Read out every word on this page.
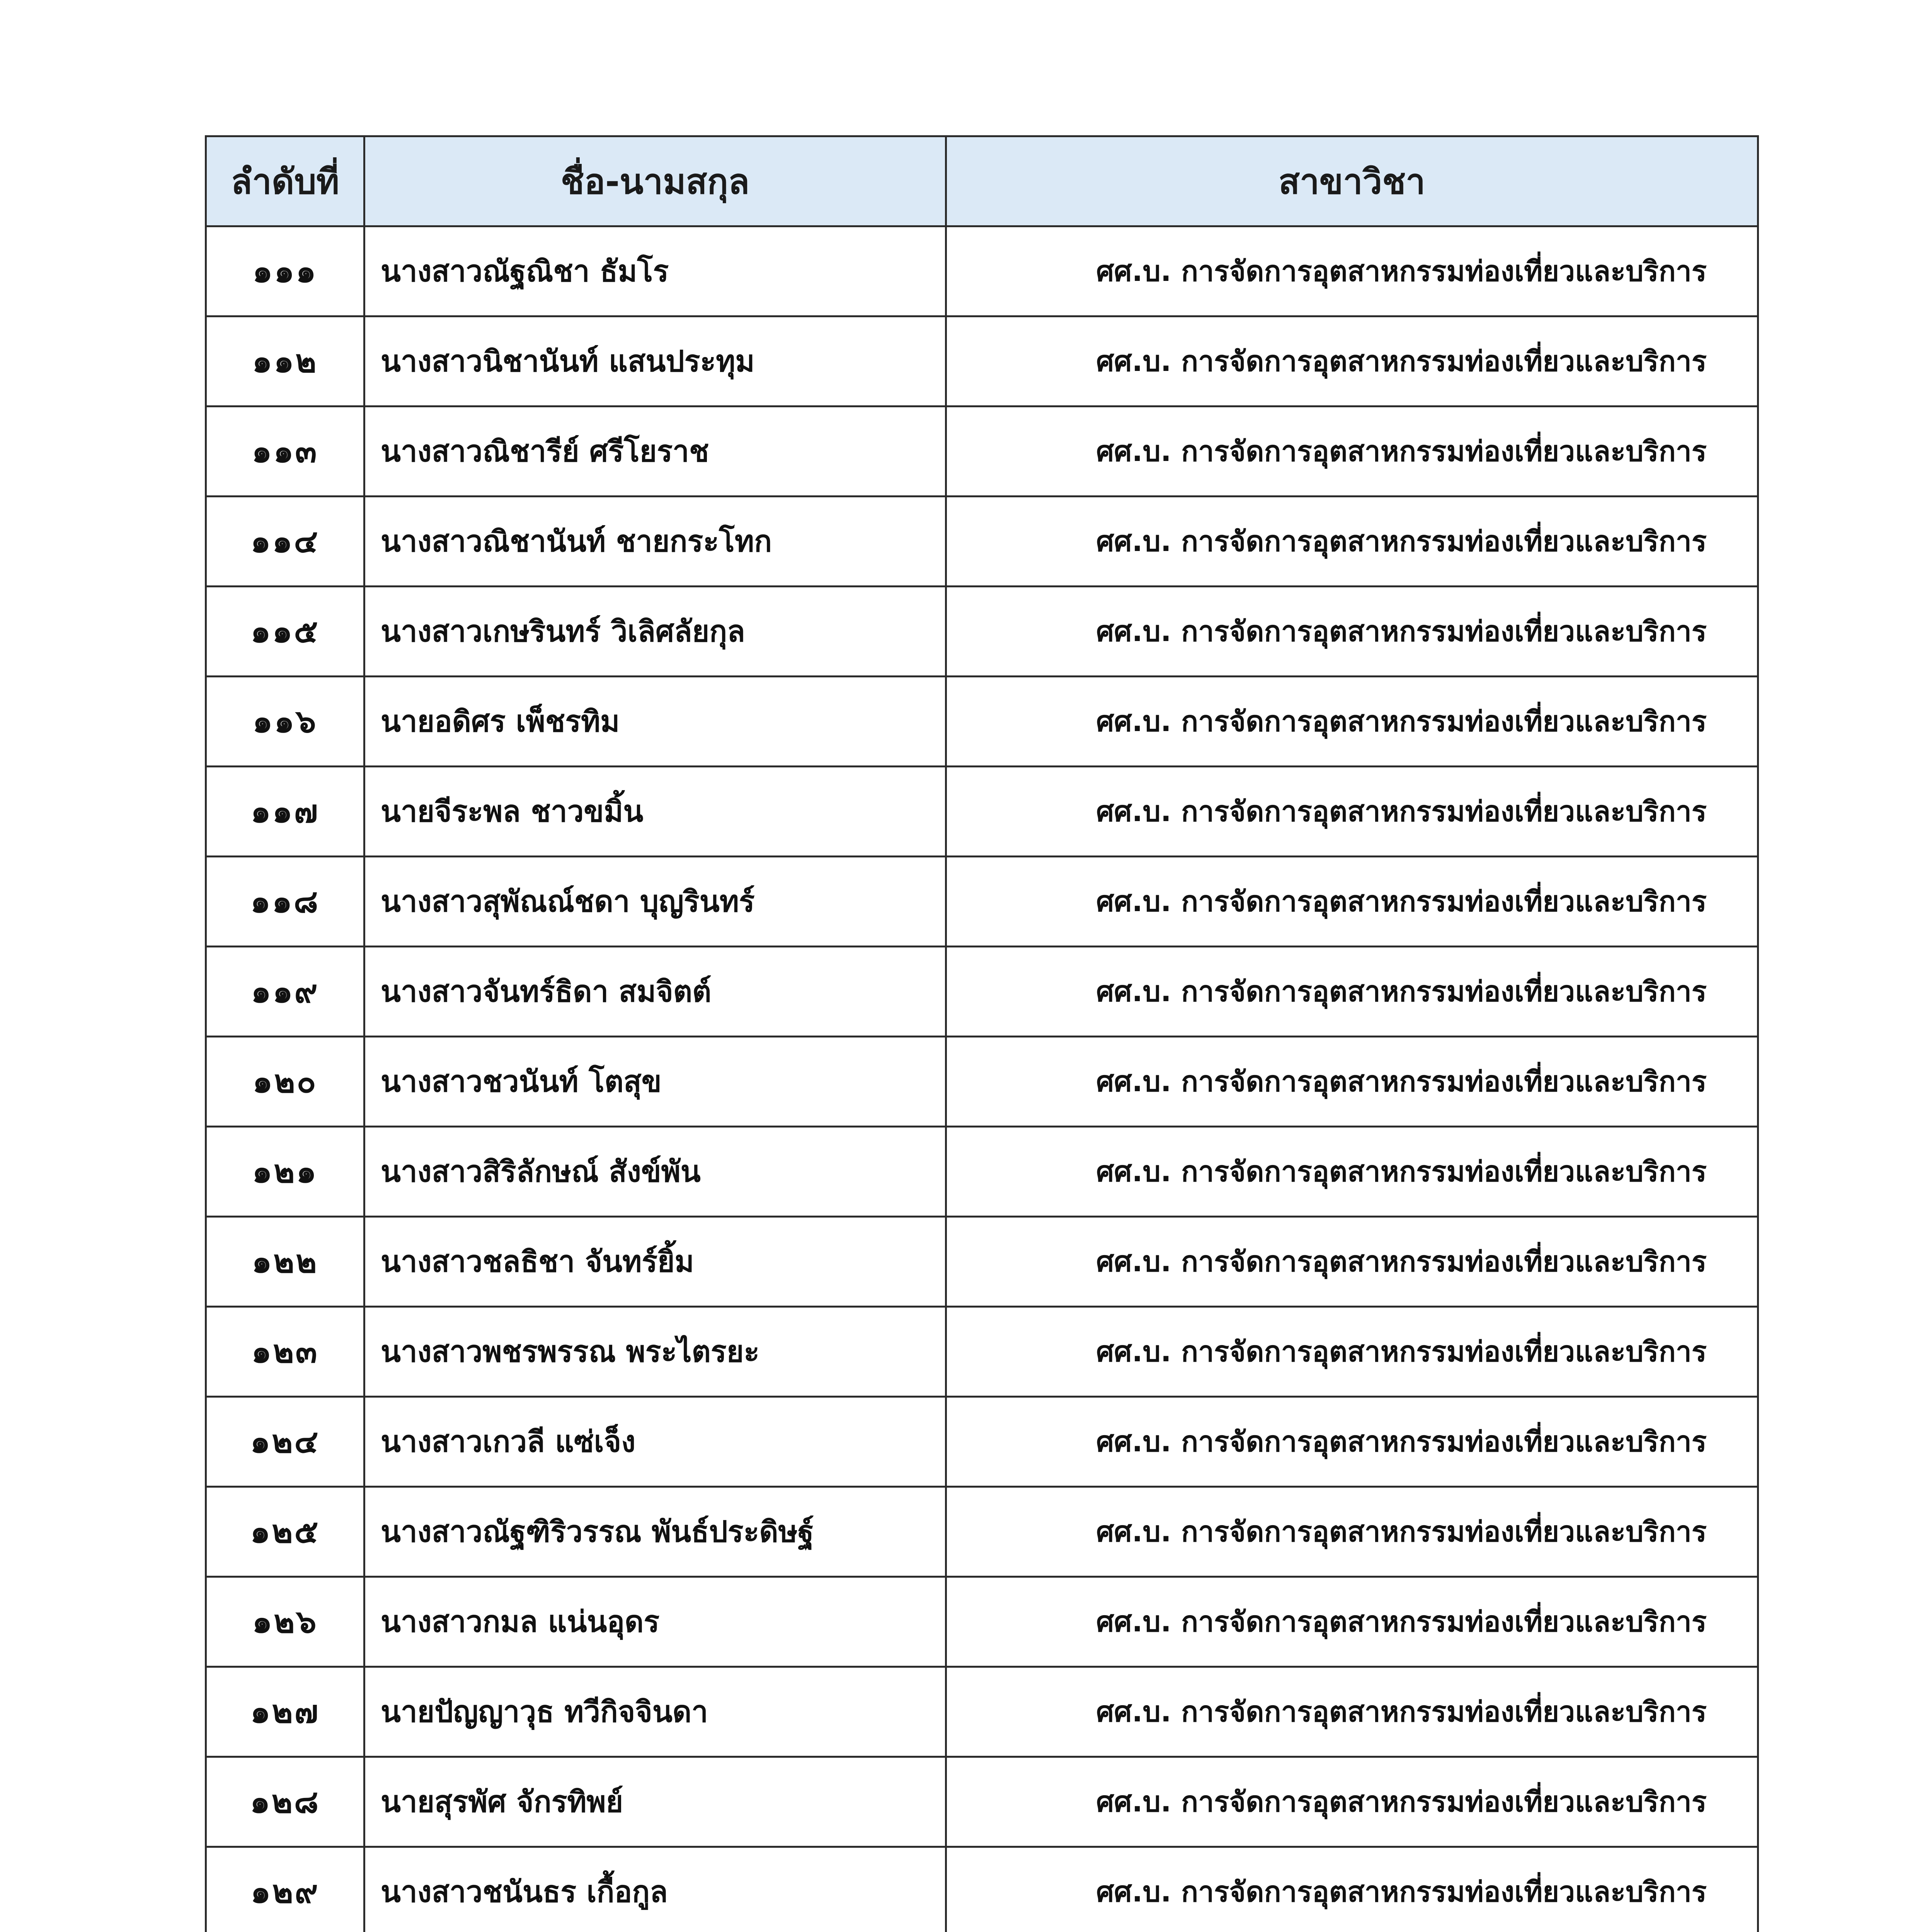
ลำดับที่	ชื่อ-นามสกุล	สาขาวิชา
๑๑๑	นางสาวณัฐณิชา ธัมโร	ศศ.บ. การจัดการอุตสาหกรรมท่องเที่ยวและบริการ
๑๑๒	นางสาวนิชานันท์ แสนประทุม	ศศ.บ. การจัดการอุตสาหกรรมท่องเที่ยวและบริการ
๑๑๓	นางสาวณิชารีย์ ศรีโยราช	ศศ.บ. การจัดการอุตสาหกรรมท่องเที่ยวและบริการ
๑๑๔	นางสาวณิชานันท์ ชายกระโทก	ศศ.บ. การจัดการอุตสาหกรรมท่องเที่ยวและบริการ
๑๑๕	นางสาวเกษรินทร์ วิเลิศลัยกุล	ศศ.บ. การจัดการอุตสาหกรรมท่องเที่ยวและบริการ
๑๑๖	นายอดิศร เพ็ชรทิม	ศศ.บ. การจัดการอุตสาหกรรมท่องเที่ยวและบริการ
๑๑๗	นายจีระพล ชาวขมิ้น	ศศ.บ. การจัดการอุตสาหกรรมท่องเที่ยวและบริการ
๑๑๘	นางสาวสุพัณณ์ชดา บุญรินทร์	ศศ.บ. การจัดการอุตสาหกรรมท่องเที่ยวและบริการ
๑๑๙	นางสาวจันทร์ธิดา สมจิตต์	ศศ.บ. การจัดการอุตสาหกรรมท่องเที่ยวและบริการ
๑๒๐	นางสาวชวนันท์ โตสุข	ศศ.บ. การจัดการอุตสาหกรรมท่องเที่ยวและบริการ
๑๒๑	นางสาวสิริลักษณ์ สังข์พัน	ศศ.บ. การจัดการอุตสาหกรรมท่องเที่ยวและบริการ
๑๒๒	นางสาวชลธิชา จันทร์ยิ้ม	ศศ.บ. การจัดการอุตสาหกรรมท่องเที่ยวและบริการ
๑๒๓	นางสาวพชรพรรณ พระไตรยะ	ศศ.บ. การจัดการอุตสาหกรรมท่องเที่ยวและบริการ
๑๒๔	นางสาวเกวลี แซ่เจ็ง	ศศ.บ. การจัดการอุตสาหกรรมท่องเที่ยวและบริการ
๑๒๕	นางสาวณัฐฑิริวรรณ พันธ์ประดิษฐ์	ศศ.บ. การจัดการอุตสาหกรรมท่องเที่ยวและบริการ
๑๒๖	นางสาวกมล แน่นอุดร	ศศ.บ. การจัดการอุตสาหกรรมท่องเที่ยวและบริการ
๑๒๗	นายปัญญาวุธ ทวีกิจจินดา	ศศ.บ. การจัดการอุตสาหกรรมท่องเที่ยวและบริการ
๑๒๘	นายสุรพัศ จักรทิพย์	ศศ.บ. การจัดการอุตสาหกรรมท่องเที่ยวและบริการ
๑๒๙	นางสาวชนันธร เกื้อกูล	ศศ.บ. การจัดการอุตสาหกรรมท่องเที่ยวและบริการ
